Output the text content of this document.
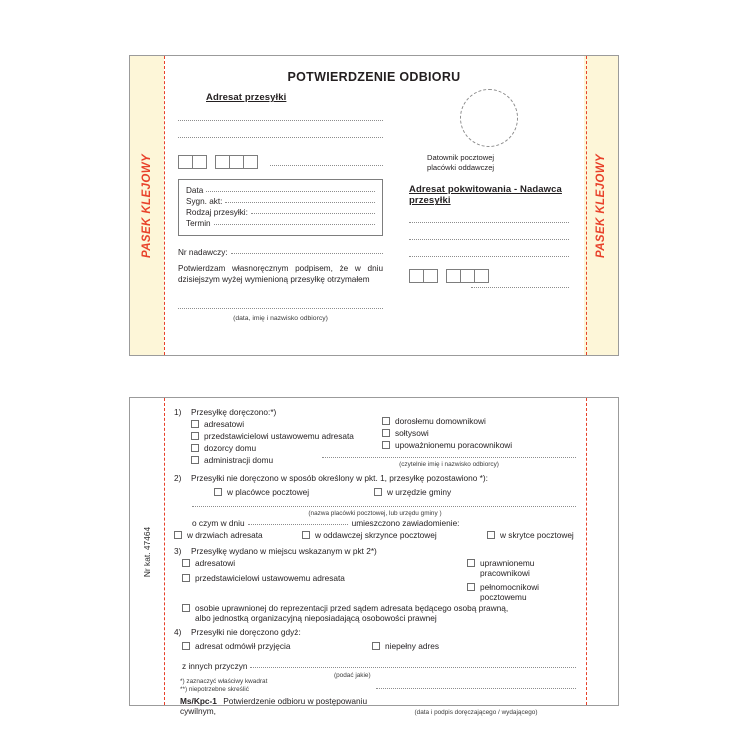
PASEK KLEJOWY	PASEK KLEJOWY
POTWIERDZENIE ODBIORU
Adresat przesyłki
Data
Sygn. akt:
Rodzaj przesyłki:
Termin
Nr nadawczy:
Potwierdzam własnoręcznym podpisem, że w dniu dzisiejszym wyżej wymienioną przesyłkę otrzymałem
(data, imię i nazwisko odbiorcy)
Datownik pocztowej
placówki oddawczej
Adresat pokwitowania - Nadawca przesyłki
Nr kat. 47464
1)	Przesyłkę doręczono:*)
adresatowi
przedstawicielowi ustawowemu adresata
dozorcy domu
administracji domu
dorosłemu domownikowi
sołtysowi
upoważnionemu poracownikowi
(czytelnie imię i nazwisko odbiorcy)
2)	Przesyłki nie doręczono w sposób określony w pkt. 1, przesyłkę pozostawiono *):
w placówce pocztowej	w urzędzie gminy
(nazwa placówki pocztowej, lub urzędu gminy )
o czym w dniu	umieszczono zawiadomienie:
w drzwiach adresata	w oddawczej skrzynce pocztowej	w skrytce pocztowej
3)	Przesyłkę wydano w miejscu wskazanym w pkt 2*)
adresatowi
przedstawicielowi ustawowemu adresata
uprawnionemu pracownikowi
pełnomocnikowi pocztowemu
osobie uprawnionej do reprezentacji przed sądem adresata będącego osobą prawną,
albo jednostką organizacyjną nieposiadającą osobowości prawnej
4)	Przesyłki nie doręczono gdyż:
adresat odmówił przyjęcia	niepełny adres
z innych przyczyn
(podać jakie)
*) zaznaczyć właściwy kwadrat
**) niepotrzebne skreślić
Ms/Kpc-1 Potwierdzenie odbioru w postępowaniu cywilnym,	(data i podpis doręczającego / wydającego)
